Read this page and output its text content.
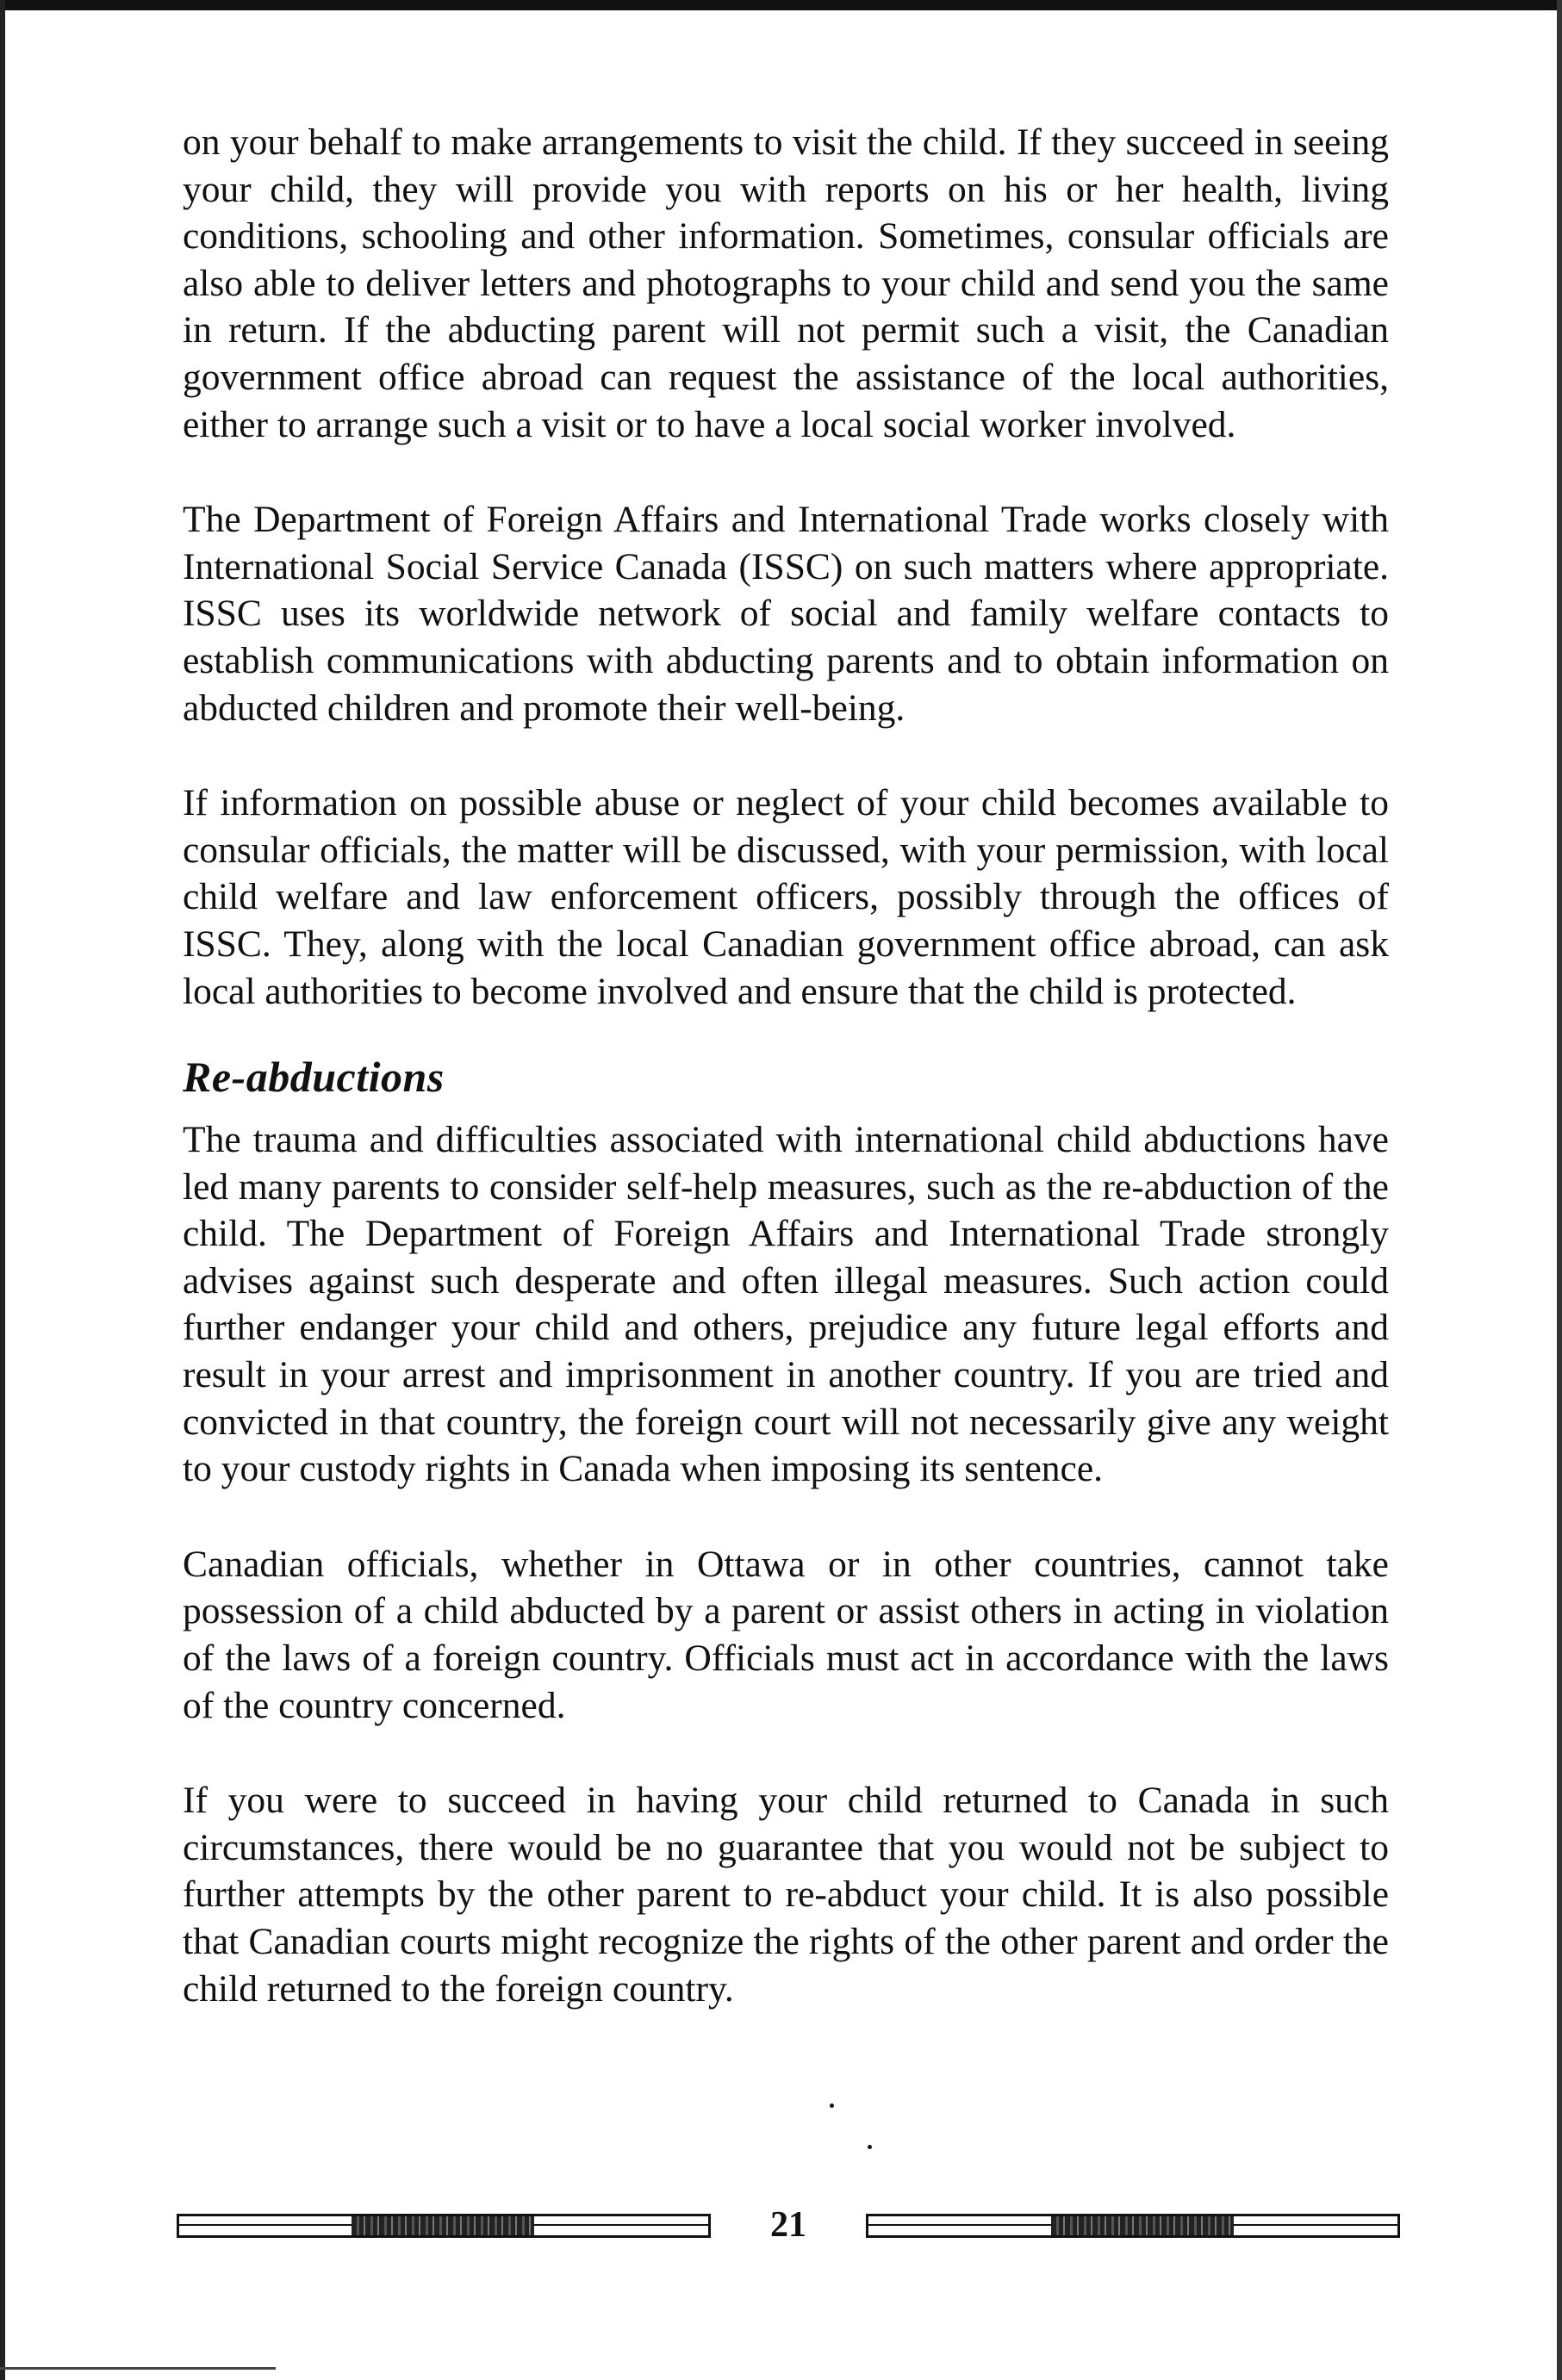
on your behalf to make arrangements to visit the child. If they succeed in seeing your child, they will provide you with reports on his or her health, living conditions, schooling and other information. Sometimes, consular officials are also able to deliver letters and photographs to your child and send you the same in return. If the abducting parent will not permit such a visit, the Canadian government office abroad can request the assistance of the local authorities, either to arrange such a visit or to have a local social worker involved.

The Department of Foreign Affairs and International Trade works closely with International Social Service Canada (ISSC) on such matters where appropriate. ISSC uses its worldwide network of social and family welfare contacts to establish communications with abducting parents and to obtain information on abducted children and promote their well-being.

If information on possible abuse or neglect of your child becomes available to consular officials, the matter will be discussed, with your permission, with local child welfare and law enforcement officers, possibly through the offices of ISSC. They, along with the local Canadian government office abroad, can ask local authorities to become involved and ensure that the child is protected.

Re-abductions

The trauma and difficulties associated with international child abductions have led many parents to consider self-help measures, such as the re-abduction of the child. The Department of Foreign Affairs and International Trade strongly advises against such desperate and often illegal measures. Such action could further endanger your child and others, prejudice any future legal efforts and result in your arrest and imprisonment in another country. If you are tried and convicted in that country, the foreign court will not necessarily give any weight to your custody rights in Canada when imposing its sentence.

Canadian officials, whether in Ottawa or in other countries, cannot take possession of a child abducted by a parent or assist others in acting in violation of the laws of a foreign country. Officials must act in accordance with the laws of the country concerned.

If you were to succeed in having your child returned to Canada in such circumstances, there would be no guarantee that you would not be subject to further attempts by the other parent to re-abduct your child. It is also possible that Canadian courts might recognize the rights of the other parent and order the child returned to the foreign country.

21
